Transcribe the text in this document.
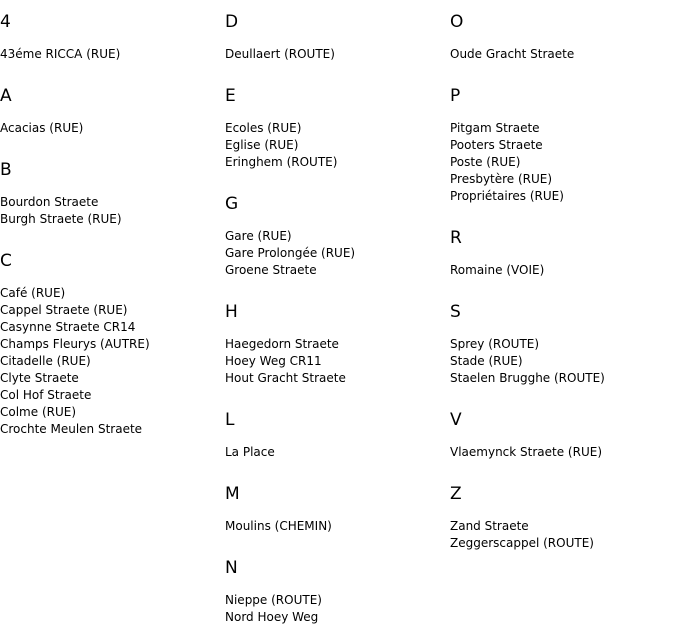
4
43éme RICCA (RUE)
A
Acacias (RUE)
B
Bourdon Straete
Burgh Straete (RUE)
C
Café (RUE)
Cappel Straete (RUE)
Casynne Straete CR14
Champs Fleurys (AUTRE)
Citadelle (RUE)
Clyte Straete
Col Hof Straete
Colme (RUE)
Crochte Meulen Straete
D
Deullaert (ROUTE)
E
Ecoles (RUE)
Eglise (RUE)
Eringhem (ROUTE)
G
Gare (RUE)
Gare Prolongée (RUE)
Groene Straete
H
Haegedorn Straete
Hoey Weg CR11
Hout Gracht Straete
L
La Place
M
Moulins (CHEMIN)
N
Nieppe (ROUTE)
Nord Hoey Weg
O
Oude Gracht Straete
P
Pitgam Straete
Pooters Straete
Poste (RUE)
Presbytère (RUE)
Propriétaires (RUE)
R
Romaine (VOIE)
S
Sprey (ROUTE)
Stade (RUE)
Staelen Brugghe (ROUTE)
V
Vlaemynck Straete (RUE)
Z
Zand Straete
Zeggerscappel (ROUTE)
